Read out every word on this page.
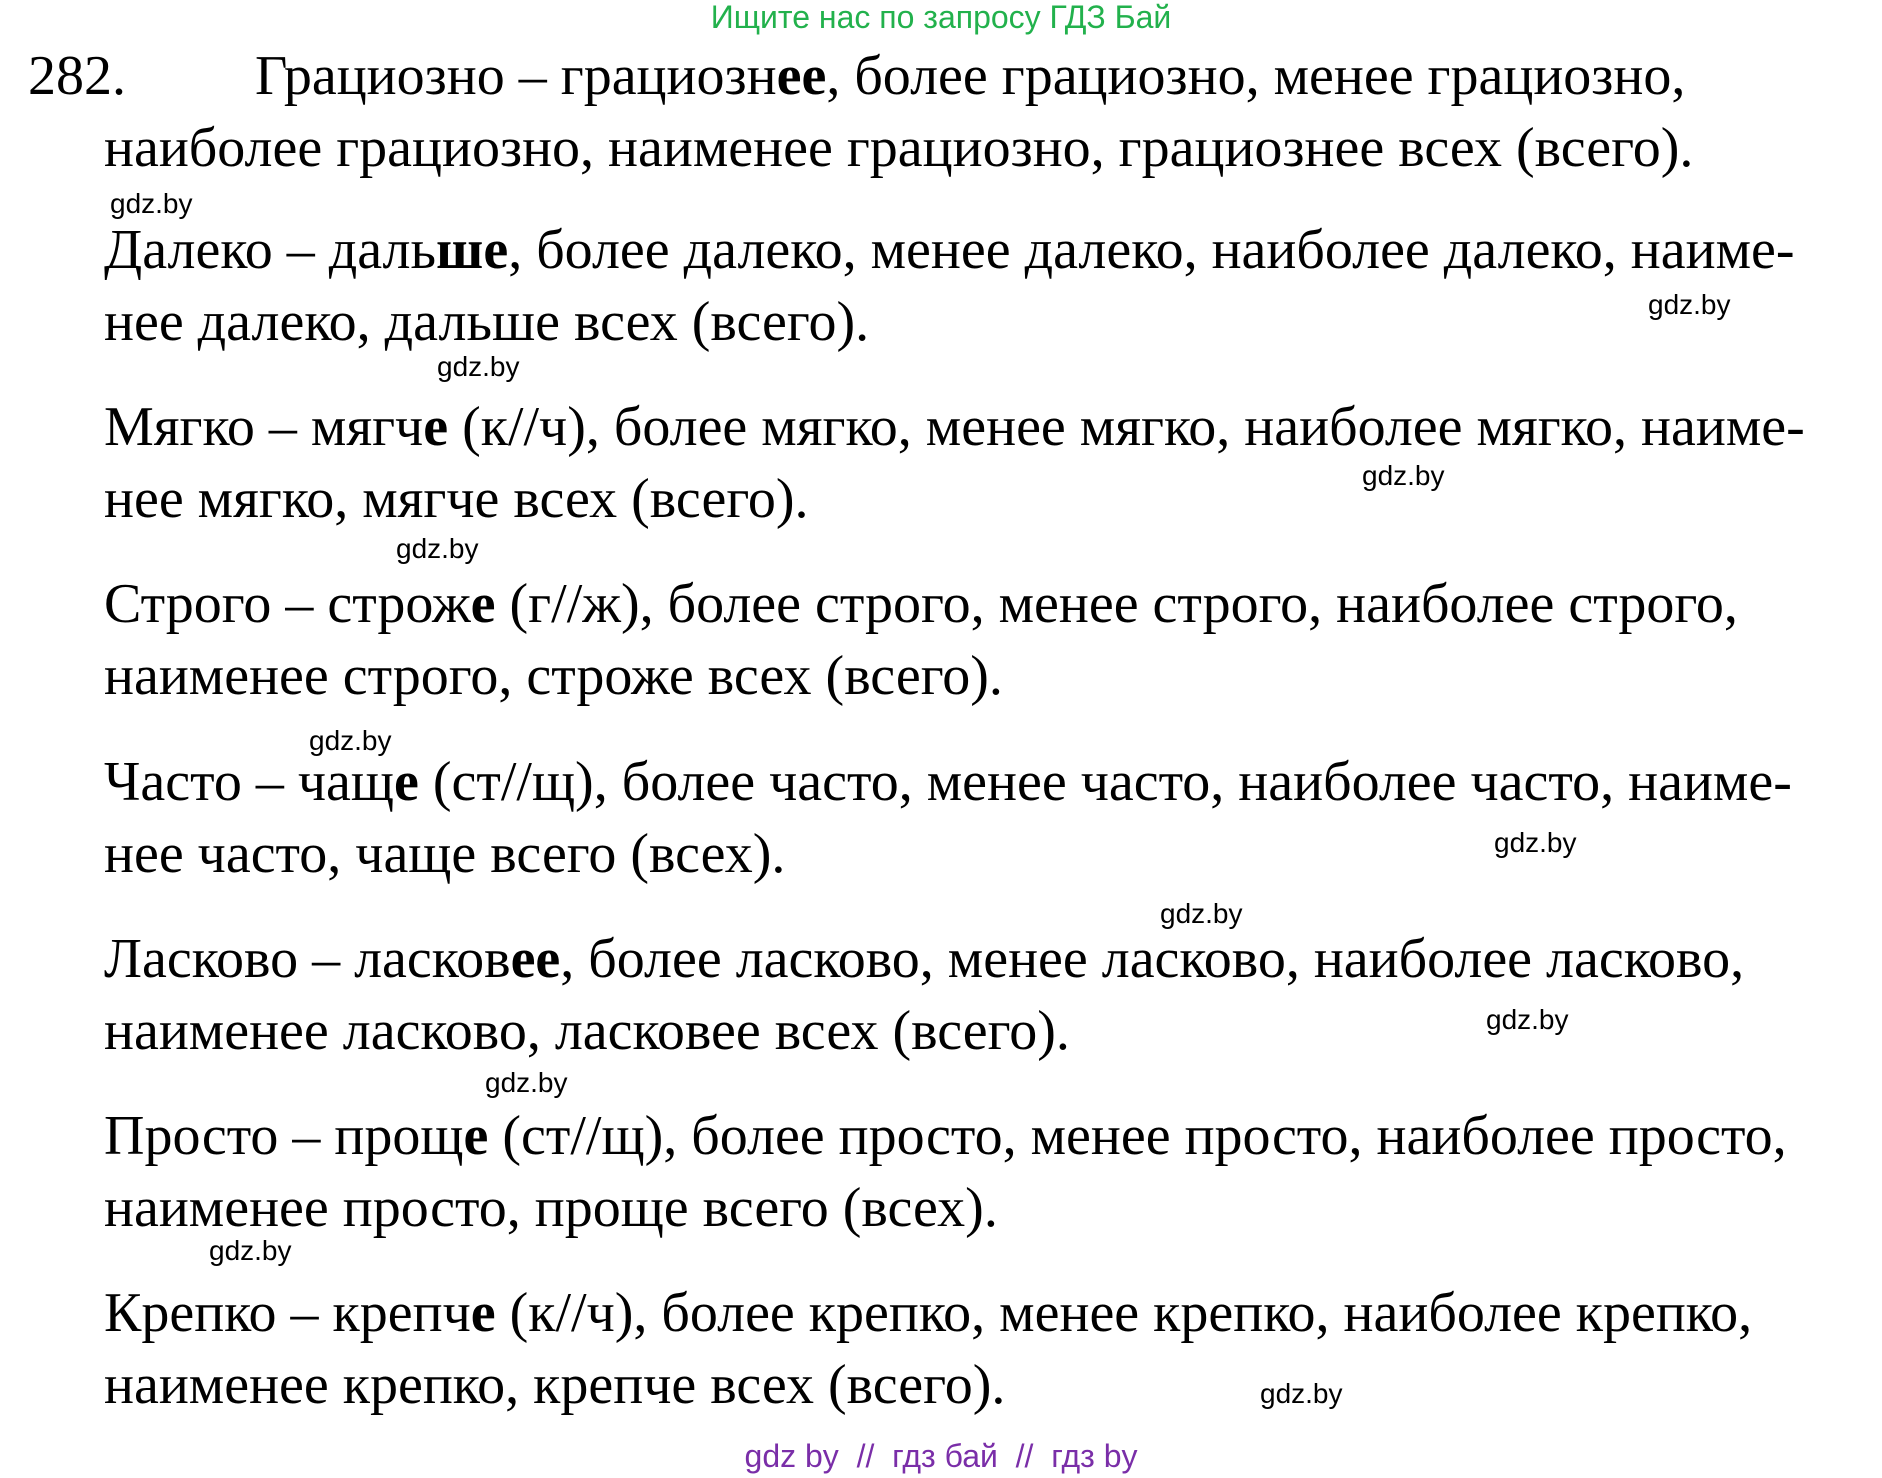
Ищите нас по запросу ГДЗ Бай
282. Грациозно – грациознее, более грациозно, менее грациозно,
наиболее грациозно, наименее грациозно, грациознее всех (всего).
gdz.by
Далеко – дальше, более далеко, менее далеко, наиболее далеко, наиме-
gdz.by
нее далеко, дальше всех (всего).
gdz.by
Мягко – мягче (к//ч), более мягко, менее мягко, наиболее мягко, наиме-
gdz.by
нее мягко, мягче всех (всего).
gdz.by
Строго – строже (г//ж), более строго, менее строго, наиболее строго,
наименее строго, строже всех (всего).
gdz.by
Часто – чаще (ст//щ), более часто, менее часто, наиболее часто, наиме-
gdz.by
нее часто, чаще всего (всех).
gdz.by
Ласково – ласковее, более ласково, менее ласково, наиболее ласково,
gdz.by
наименее ласково, ласковее всех (всего).
gdz.by
Просто – проще (ст//щ), более просто, менее просто, наиболее просто,
наименее просто, проще всего (всех).
gdz.by
Крепко – крепче (к//ч), более крепко, менее крепко, наиболее крепко,
наименее крепко, крепче всех (всего).	gdz.by
gdz by  //  гдз бай  //  гдз by
